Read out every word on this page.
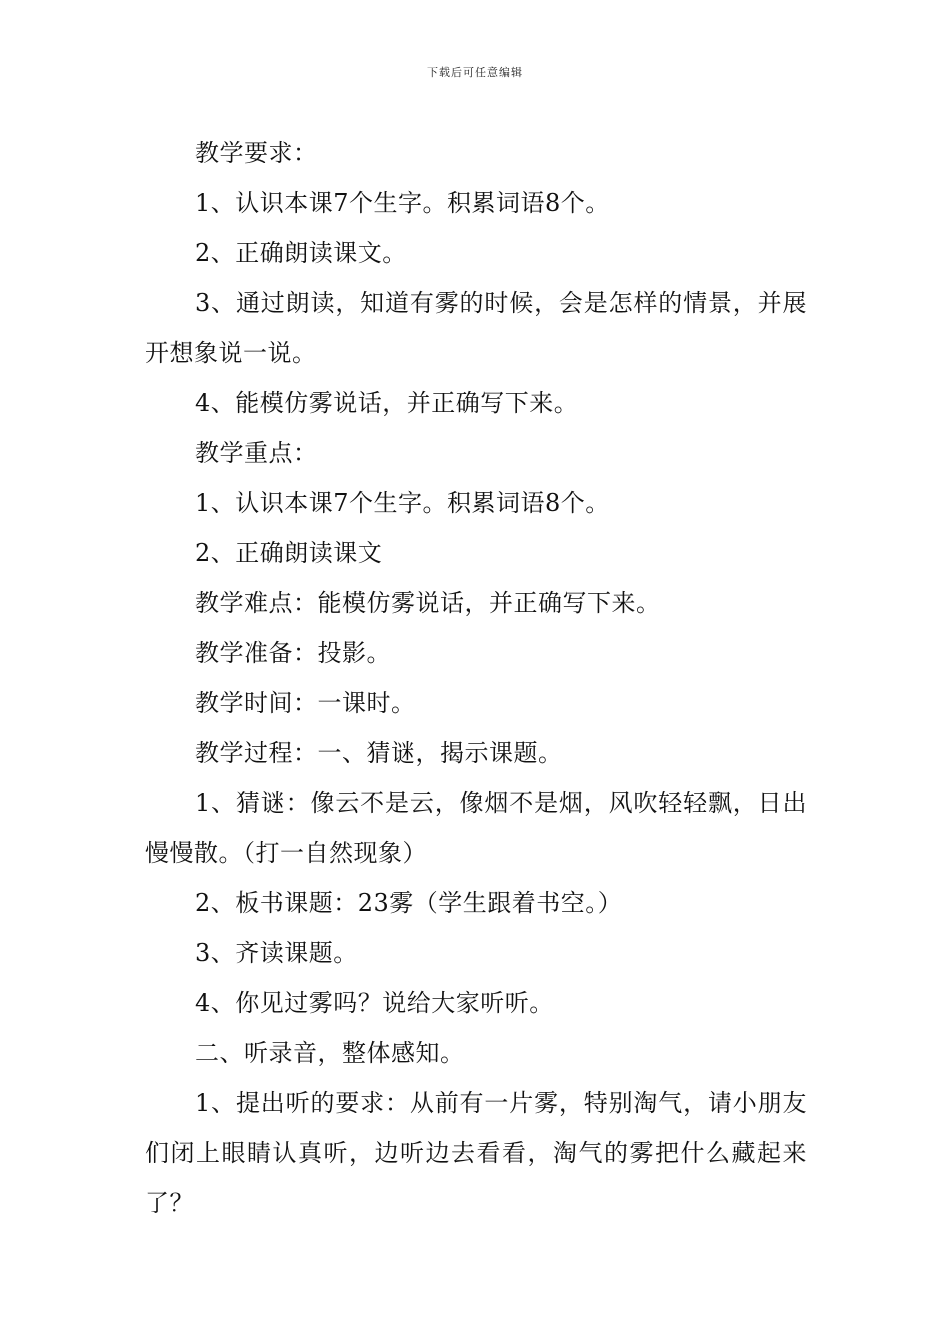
下载后可任意编辑

教学要求：

1、认识本课7个生字。积累词语8个。

2、正确朗读课文。

3、通过朗读，知道有雾的时候，会是怎样的情景，并展开想象说一说。

4、能模仿雾说话，并正确写下来。

教学重点：

1、认识本课7个生字。积累词语8个。

2、正确朗读课文

教学难点：能模仿雾说话，并正确写下来。

教学准备：投影。

教学时间：一课时。

教学过程：一、猜谜，揭示课题。

1、猜谜：像云不是云，像烟不是烟，风吹轻轻飘，日出慢慢散。（打一自然现象）

2、板书课题：23雾（学生跟着书空。）

3、齐读课题。

4、你见过雾吗？说给大家听听。

二、听录音，整体感知。

1、提出听的要求：从前有一片雾，特别淘气，请小朋友们闭上眼睛认真听，边听边去看看，淘气的雾把什么藏起来了？
